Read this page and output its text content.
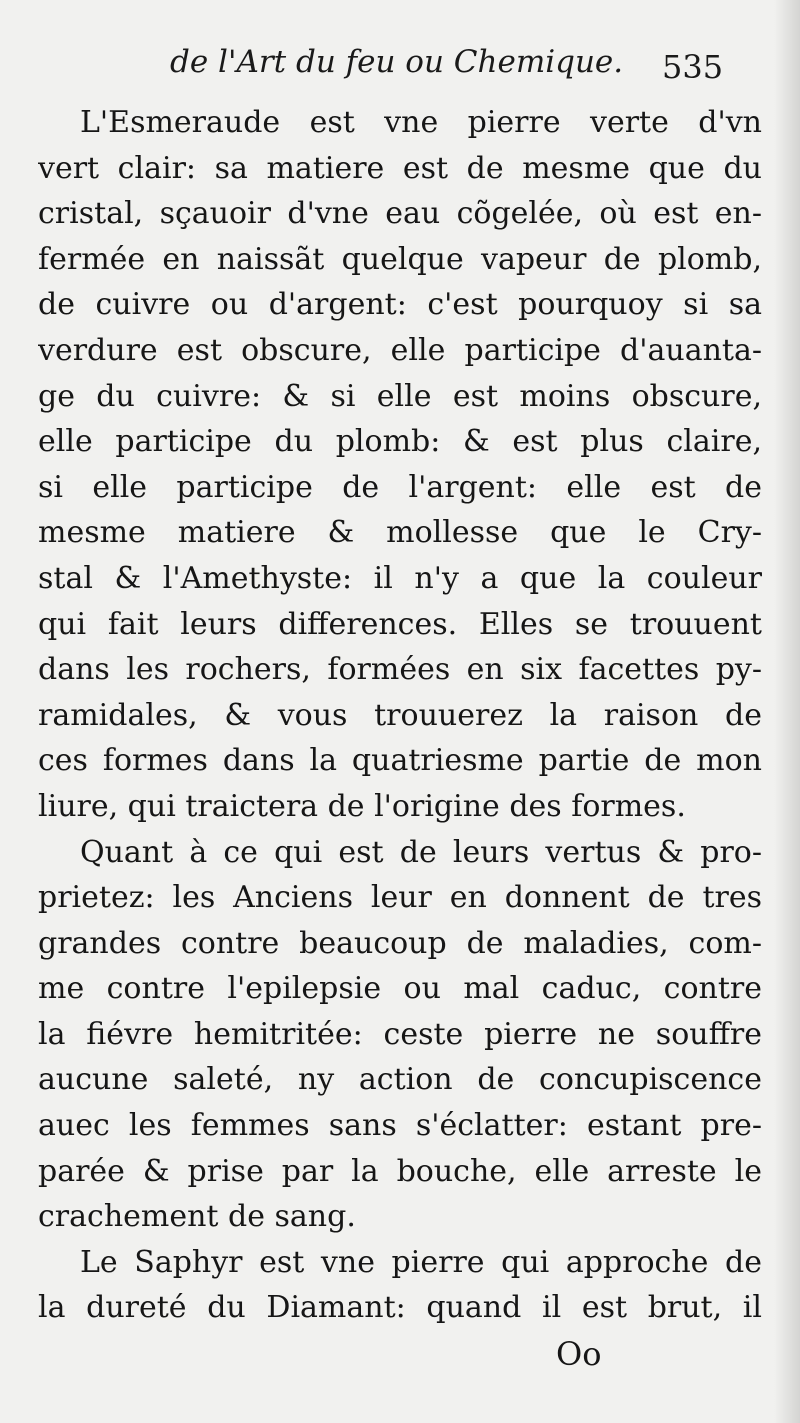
de l'Art du feu ou Chemique. 535
L'Esmeraude est vne pierre verte d'vn
vert clair: sa matiere est de mesme que du
cristal, sçauoir d'vne eau cõgelée, où est en-
fermée en naissãt quelque vapeur de plomb,
de cuivre ou d'argent: c'est pourquoy si sa
verdure est obscure, elle participe d'auanta-
ge du cuivre: & si elle est moins obscure,
elle participe du plomb: & est plus claire,
si elle participe de l'argent: elle est de
mesme matiere & mollesse que le Cry-
stal & l'Amethyste: il n'y a que la couleur
qui fait leurs differences. Elles se trouuent
dans les rochers, formées en six facettes py-
ramidales, & vous trouuerez la raison de
ces formes dans la quatriesme partie de mon
liure, qui traictera de l'origine des formes.
Quant à ce qui est de leurs vertus & pro-
prietez: les Anciens leur en donnent de tres
grandes contre beaucoup de maladies, com-
me contre l'epilepsie ou mal caduc, contre
la fiévre hemitritée: ceste pierre ne souffre
aucune saleté, ny action de concupiscence
auec les femmes sans s'éclatter: estant pre-
parée & prise par la bouche, elle arreste le
crachement de sang.
Le Saphyr est vne pierre qui approche de
la dureté du Diamant: quand il est brut, il
Oo
